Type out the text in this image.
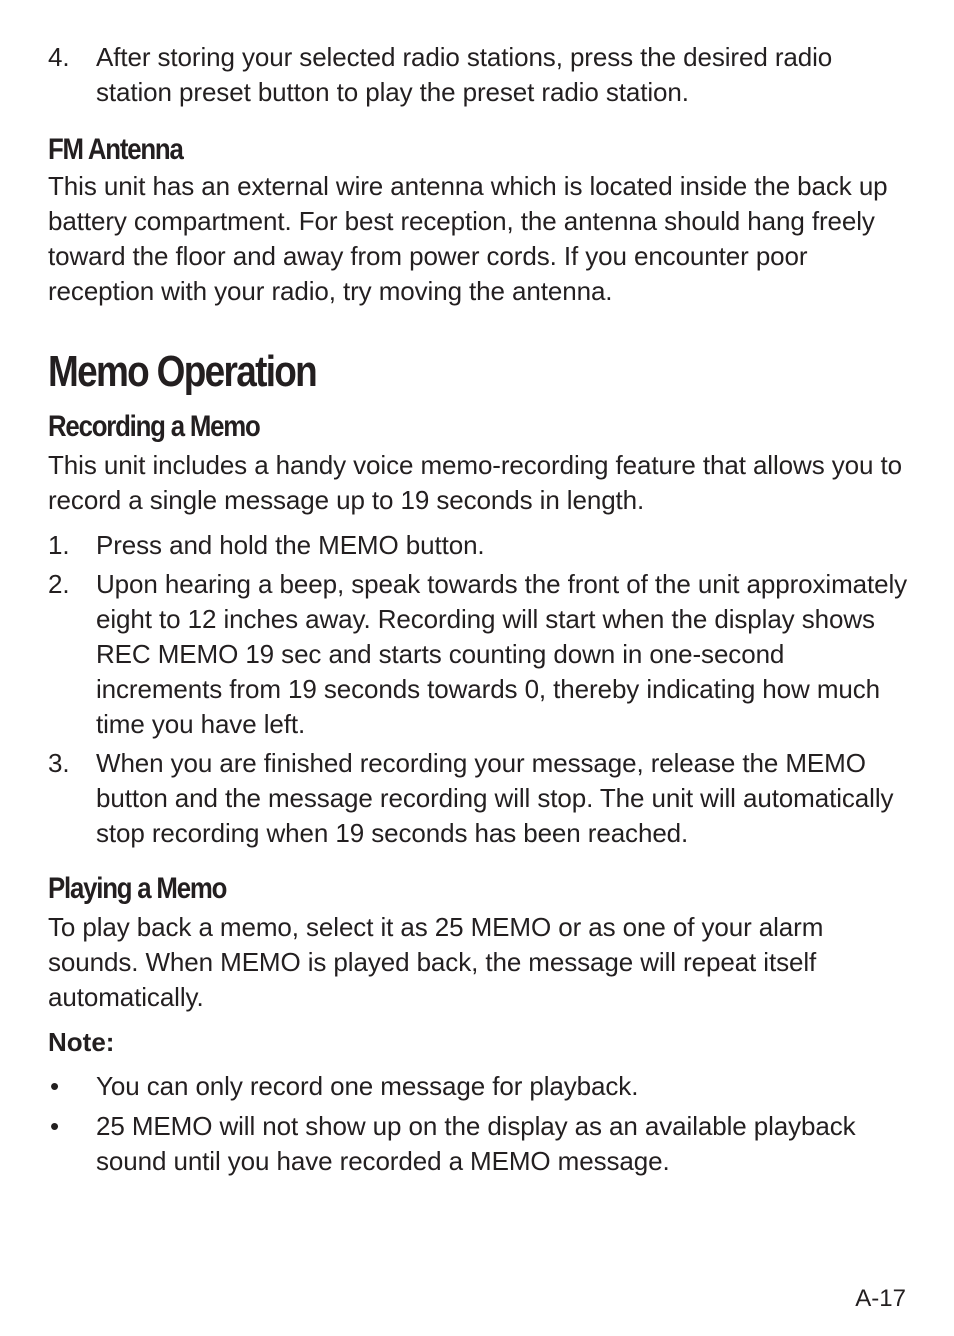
4.	After storing your selected radio stations, press the desired radio station preset button to play the preset radio station.
FM Antenna

This unit has an external wire antenna which is located inside the back up battery compartment. For best reception, the antenna should hang freely toward the floor and away from power cords. If you encounter poor reception with your radio, try moving the antenna.

Memo Operation
Recording a Memo

This unit includes a handy voice memo-recording feature that allows you to record a single message up to 19 seconds in length.

1.	Press and hold the MEMO button.
2.	Upon hearing a beep, speak towards the front of the unit approximately eight to 12 inches away. Recording will start when the display shows REC MEMO 19 sec and starts counting down in one-second increments from 19 seconds towards 0, thereby indicating how much time you have left.
3.	When you are finished recording your message, release the MEMO button and the message recording will stop. The unit will automatically stop recording when 19 seconds has been reached.
Playing a Memo

To play back a memo, select it as 25 MEMO or as one of your alarm sounds. When MEMO is played back, the message will repeat itself automatically.

Note:

•	You can only record one message for playback.
•	25 MEMO will not show up on the display as an available playback sound until you have recorded a MEMO message.
A-17
